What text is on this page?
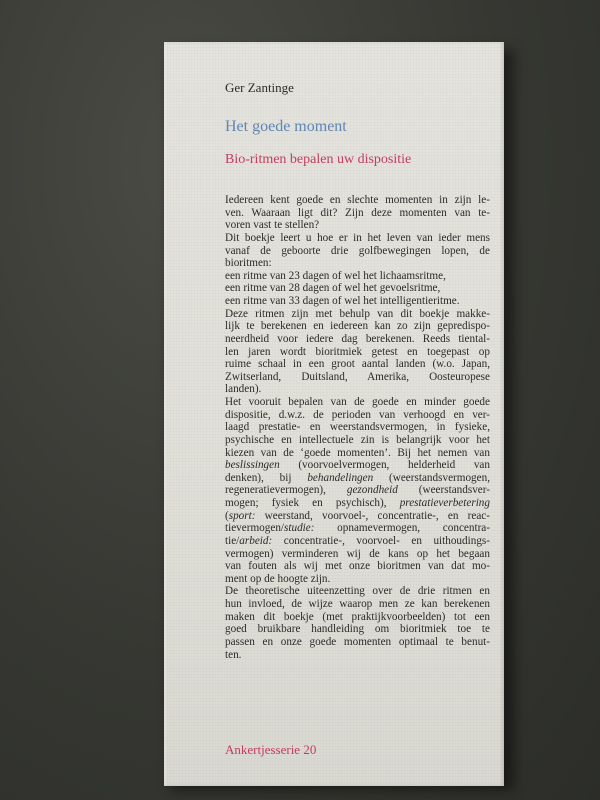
Ger Zantinge
Het goede moment
Bio-ritmen bepalen uw dispositie
Iedereen kent goede en slechte momenten in zijn le-
ven. Waaraan ligt dit? Zijn deze momenten van te-
voren vast te stellen?
Dit boekje leert u hoe er in het leven van ieder mens
vanaf de geboorte drie golfbewegingen lopen, de
bioritmen:
een ritme van 23 dagen of wel het lichaamsritme,
een ritme van 28 dagen of wel het gevoelsritme,
een ritme van 33 dagen of wel het intelligentieritme.
Deze ritmen zijn met behulp van dit boekje makke-
lijk te berekenen en iedereen kan zo zijn gepredispo-
neerdheid voor iedere dag berekenen. Reeds tiental-
len jaren wordt bioritmiek getest en toegepast op
ruime schaal in een groot aantal landen (w.o. Japan,
Zwitserland, Duitsland, Amerika, Oosteuropese
landen).
Het vooruit bepalen van de goede en minder goede
dispositie, d.w.z. de perioden van verhoogd en ver-
laagd prestatie- en weerstandsvermogen, in fysieke,
psychische en intellectuele zin is belangrijk voor het
kiezen van de ‘goede momenten’. Bij het nemen van
beslissingen (voorvoelvermogen, helderheid van
denken), bij behandelingen (weerstandsvermogen,
regeneratievermogen), gezondheid (weerstandsver-
mogen; fysiek en psychisch), prestatieverbetering
(sport: weerstand, voorvoel-, concentratie-, en reac-
tievermogen/studie: opnamevermogen, concentra-
tie/arbeid: concentratie-, voorvoel- en uithoudings-
vermogen) verminderen wij de kans op het begaan
van fouten als wij met onze bioritmen van dat mo-
ment op de hoogte zijn.
De theoretische uiteenzetting over de drie ritmen en
hun invloed, de wijze waarop men ze kan berekenen
maken dit boekje (met praktijkvoorbeelden) tot een
goed bruikbare handleiding om bioritmiek toe te
passen en onze goede momenten optimaal te benut-
ten.
Ankertjesserie 20
